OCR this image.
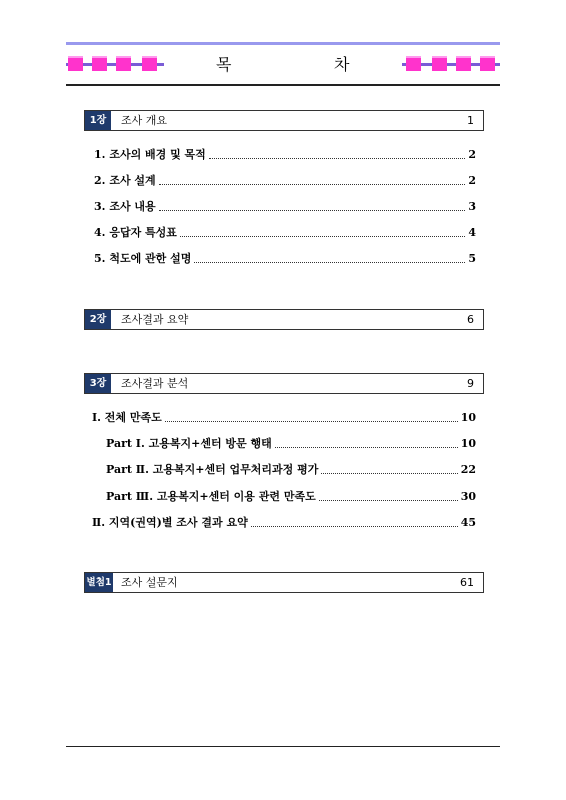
목	차
1장	조사 개요	1
1. 조사의 배경 및 목적	2
2. 조사 설계	2
3. 조사 내용	3
4. 응답자 특성표	4
5. 척도에 관한 설명	5
2장	조사결과 요약	6
3장	조사결과 분석	9
Ⅰ. 전체 만족도	10
Part Ⅰ. 고용복지+센터 방문 행태	10
Part Ⅱ. 고용복지+센터 업무처리과정 평가	22
Part Ⅲ. 고용복지+센터 이용 관련 만족도	30
Ⅱ. 지역(권역)별 조사 결과 요약	45
별첨1 조사 설문지	61
